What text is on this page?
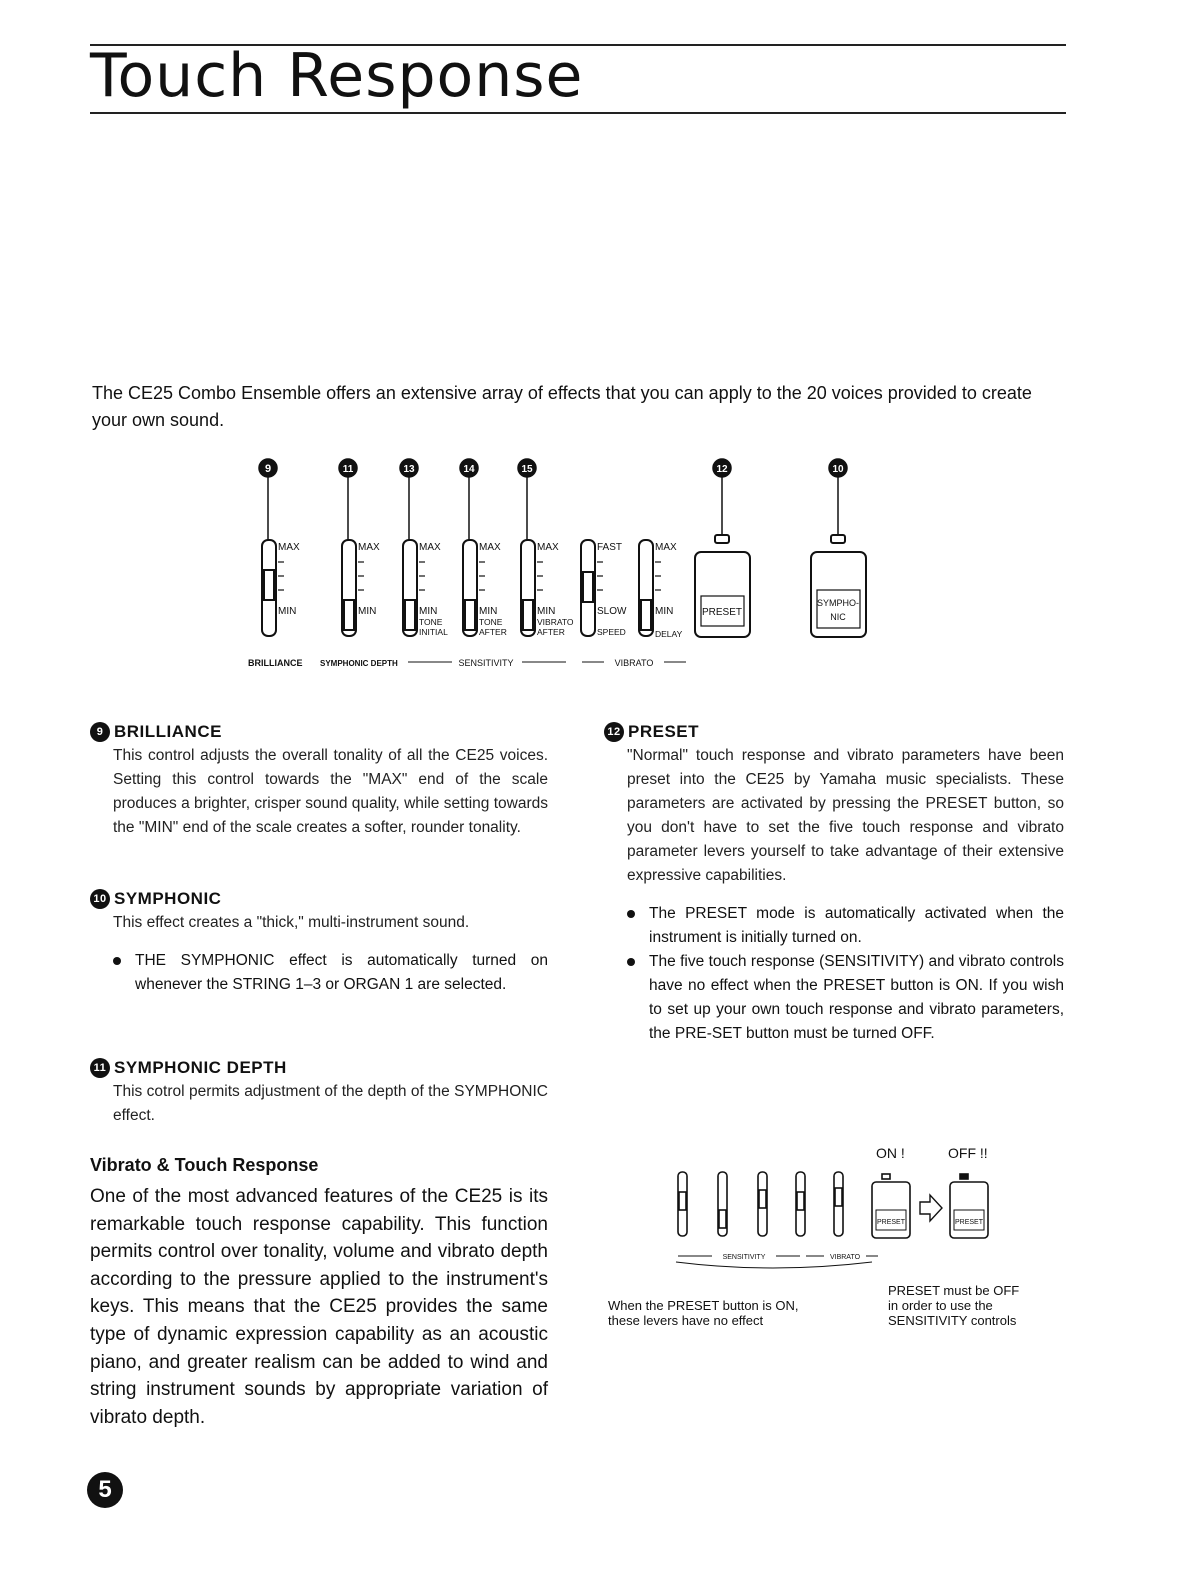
Touch Response

The CE25 Combo Ensemble offers an extensive array of effects that you can apply to the 20 voices provided to create your own sound.

9	11	13	14	15	12	10
MAX
MIN
MAX
MIN
MAX
MIN
MAX
MIN
MAX
MIN
FAST
SLOW
MAX
MIN
TONE
INITIAL
TONE
AFTER
VIBRATO
AFTER	SPEED	DELAY
PRESET
SYMPHO-
NIC
BRILLIANCE SYMPHONIC DEPTH	SENSITIVITY	VIBRATO
9 BRILLIANCE

This control adjusts the overall tonality of all the CE25 voices. Setting this control towards the "MAX" end of the scale produces a brighter, crisper sound quality, while setting towards the "MIN" end of the scale creates a softer, rounder tonality.

10 SYMPHONIC

This effect creates a "thick," multi-instrument sound.

THE SYMPHONIC effect is automatically turned on whenever the STRING 1–3 or ORGAN 1 are selected.
11 SYMPHONIC DEPTH

This cotrol permits adjustment of the depth of the SYMPHONIC effect.

Vibrato & Touch Response

One of the most advanced features of the CE25 is its remarkable touch response capability. This function permits control over tonality, volume and vibrato depth according to the pressure applied to the instrument's keys. This means that the CE25 provides the same type of dynamic expression capability as an acoustic piano, and greater realism can be added to wind and string instrument sounds by appropriate variation of vibrato depth.

12 PRESET

"Normal" touch response and vibrato parameters have been preset into the CE25 by Yamaha music specialists. These parameters are activated by pressing the PRESET button, so you don't have to set the five touch response and vibrato parameter levers yourself to take advantage of their extensive expressive capabilities.

The PRESET mode is automatically activated when the instrument is initially turned on.
The five touch response (SENSITIVITY) and vibrato controls have no effect when the PRESET button is ON. If you wish to set up your own touch response and vibrato parameters, the PRE-SET button must be turned OFF.
ON !	OFF !!
PRESET	PRESET
SENSITIVITY	VIBRATO

When the PRESET button is ON,

these levers have no effect

PRESET must be OFF

in order to use the

SENSITIVITY controls

5
